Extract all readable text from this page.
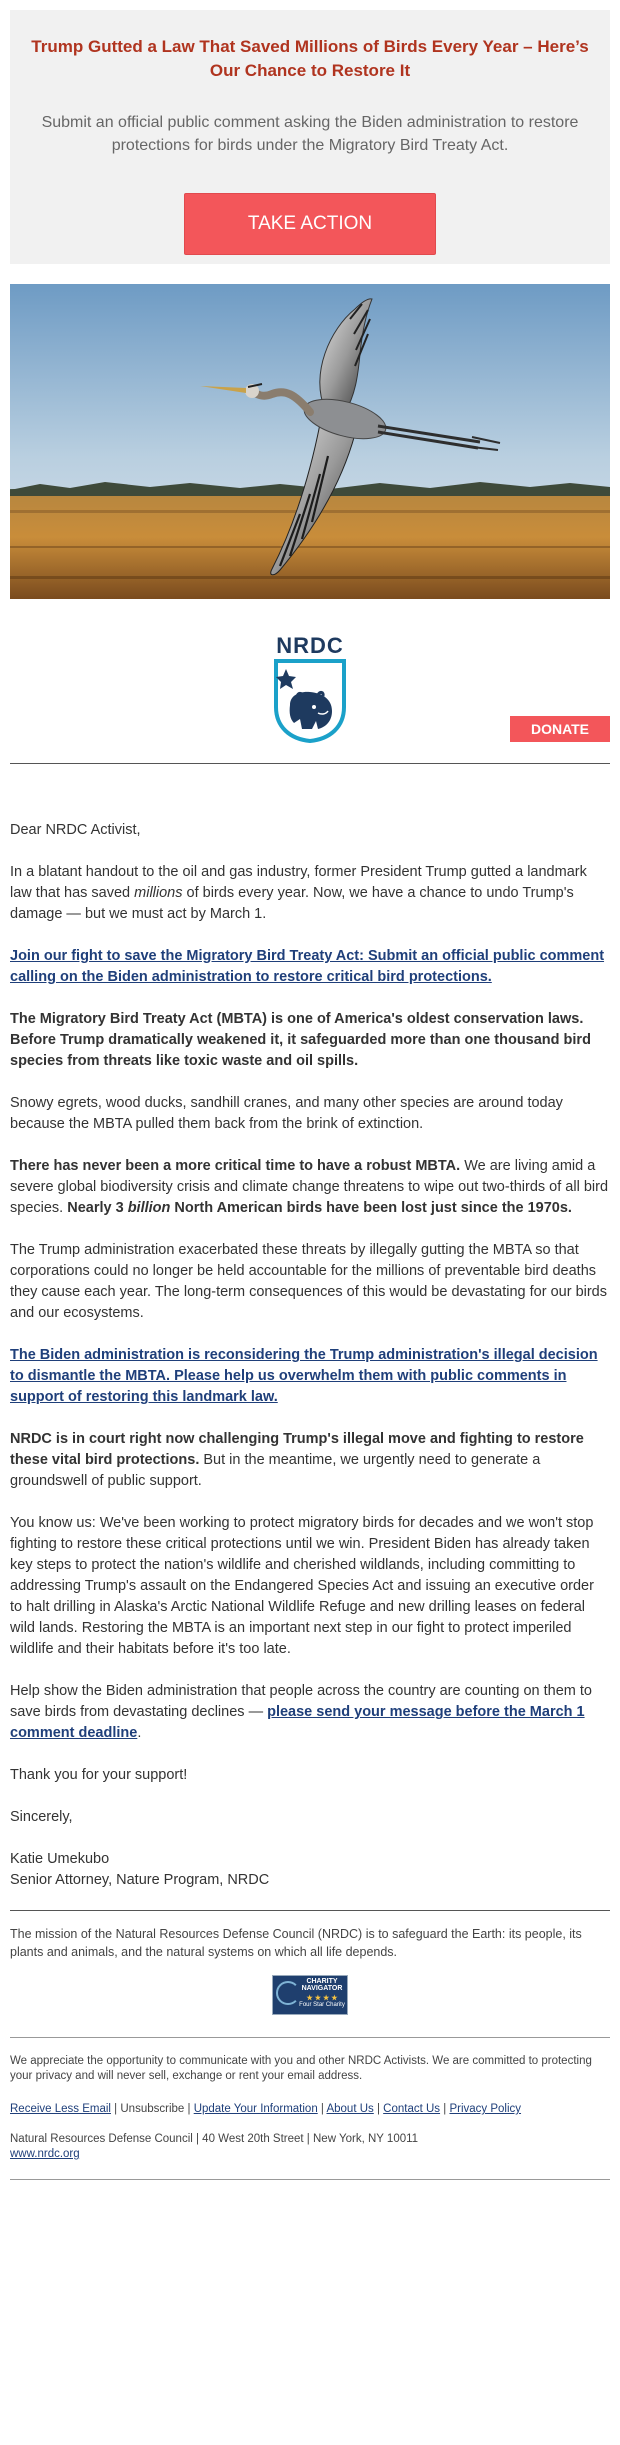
Trump Gutted a Law That Saved Millions of Birds Every Year – Here’s Our Chance to Restore It
Submit an official public comment asking the Biden administration to restore protections for birds under the Migratory Bird Treaty Act.
TAKE ACTION
NRDC
DONATE

Dear NRDC Activist,

In a blatant handout to the oil and gas industry, former President Trump gutted a landmark law that has saved millions of birds every year. Now, we have a chance to undo Trump's damage — but we must act by March 1.

Join our fight to save the Migratory Bird Treaty Act: Submit an official public comment calling on the Biden administration to restore critical bird protections.

The Migratory Bird Treaty Act (MBTA) is one of America's oldest conservation laws. Before Trump dramatically weakened it, it safeguarded more than one thousand bird species from threats like toxic waste and oil spills.

Snowy egrets, wood ducks, sandhill cranes, and many other species are around today because the MBTA pulled them back from the brink of extinction.

There has never been a more critical time to have a robust MBTA. We are living amid a severe global biodiversity crisis and climate change threatens to wipe out two-thirds of all bird species. Nearly 3 billion North American birds have been lost just since the 1970s.

The Trump administration exacerbated these threats by illegally gutting the MBTA so that corporations could no longer be held accountable for the millions of preventable bird deaths they cause each year. The long-term consequences of this would be devastating for our birds and our ecosystems.

The Biden administration is reconsidering the Trump administration's illegal decision to dismantle the MBTA. Please help us overwhelm them with public comments in support of restoring this landmark law.

NRDC is in court right now challenging Trump's illegal move and fighting to restore these vital bird protections. But in the meantime, we urgently need to generate a groundswell of public support.

You know us: We've been working to protect migratory birds for decades and we won't stop fighting to restore these critical protections until we win. President Biden has already taken key steps to protect the nation's wildlife and cherished wildlands, including committing to addressing Trump's assault on the Endangered Species Act and issuing an executive order to halt drilling in Alaska's Arctic National Wildlife Refuge and new drilling leases on federal wild lands. Restoring the MBTA is an important next step in our fight to protect imperiled wildlife and their habitats before it's too late.

Help show the Biden administration that people across the country are counting on them to save birds from devastating declines — please send your message before the March 1 comment deadline.

Thank you for your support!

Sincerely,

Katie Umekubo

Senior Attorney, Nature Program, NRDC

The mission of the Natural Resources Defense Council (NRDC) is to safeguard the Earth: its people, its plants and animals, and the natural systems on which all life depends.
CHARITY
NAVIGATOR
★ ★ ★ ★
Four Star Charity
We appreciate the opportunity to communicate with you and other NRDC Activists. We are committed to protecting your privacy and will never sell, exchange or rent your email address.
Receive Less Email | Unsubscribe | Update Your Information | About Us | Contact Us | Privacy Policy
Natural Resources Defense Council | 40 West 20th Street | New York, NY 10011
www.nrdc.org
